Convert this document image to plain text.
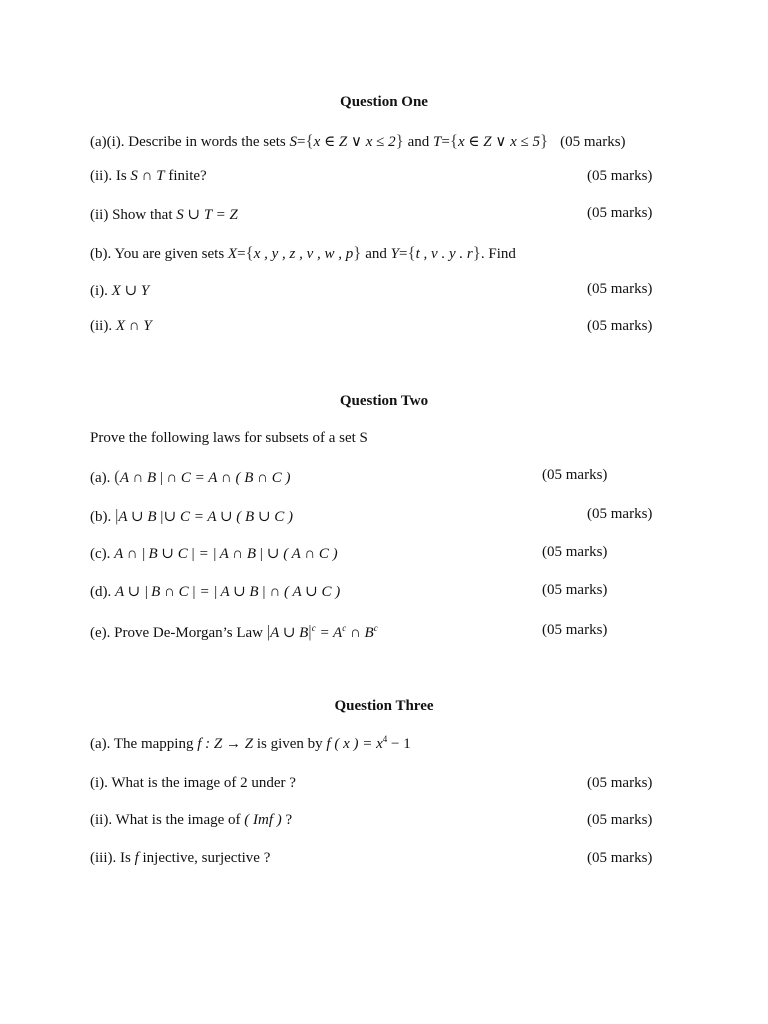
Question One
(a)(i). Describe in words the sets S={x ∈ Z ∨ x ≤ 2} and T={x ∈ Z ∨ x ≤ 5} (05 marks)
(ii). Is S ∩ T finite?	(05 marks)
(ii) Show that S ∪ T = Z	(05 marks)
(b). You are given sets X={x , y , z , v , w , p} and Y={t , v . y . r}. Find
(i). X ∪ Y	(05 marks)
(ii). X ∩ Y	(05 marks)
Question Two
Prove the following laws for subsets of a set S
(a). (A ∩ B | ∩ C = A ∩ ( B ∩ C )	(05 marks)
(b). |A ∪ B |∪ C = A ∪ ( B ∪ C )	(05 marks)
(c). A ∩ | B ∪ C | = | A ∩ B | ∪ ( A ∩ C )	(05 marks)
(d). A ∪ | B ∩ C | = | A ∪ B | ∩ ( A ∪ C )	(05 marks)
(e). Prove De-Morgan’s Law |A ∪ $B|^c = A^c$ ∩ $B^c$	(05 marks)
Question Three
(a). The mapping f : Z → Z is given by f ( x ) = $x^4 - 1$
(i). What is the image of 2 under ?	(05 marks)
(ii). What is the image of ( Imf ) ?	(05 marks)
(iii). Is f injective, surjective ?	(05 marks)
